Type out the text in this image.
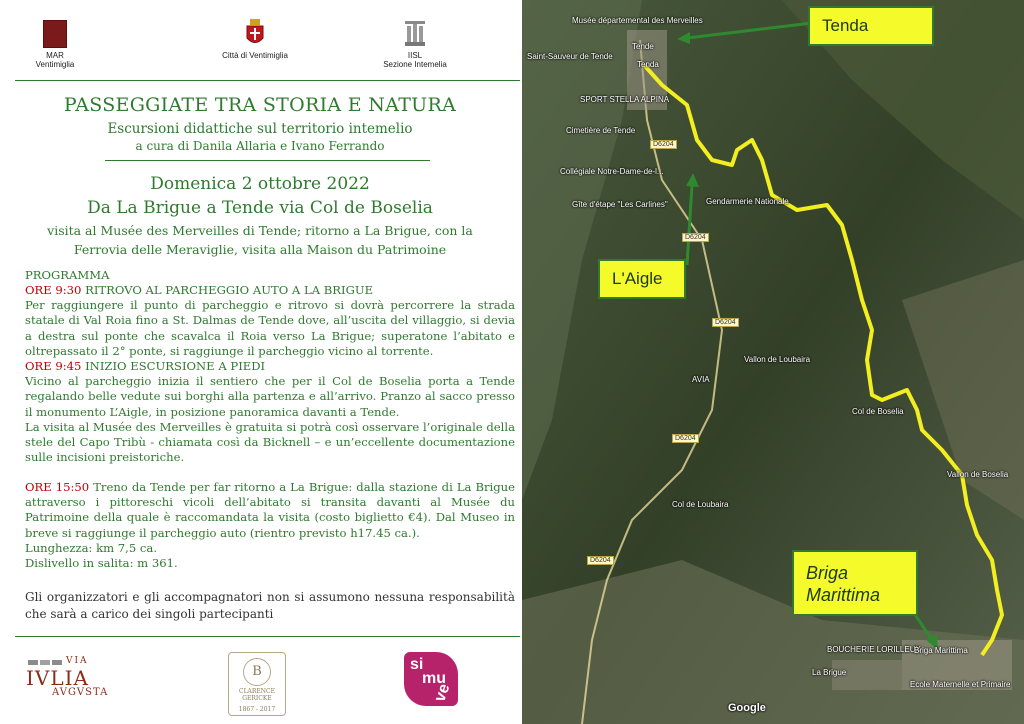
MAR
Ventimiglia
Città di Ventimiglia	IISL
Sezione Intemelia
PASSEGGIATE TRA STORIA E NATURA
Escursioni didattiche sul territorio intemelio
a cura di Danila Allaria e Ivano Ferrando
Domenica 2 ottobre 2022
Da La Brigue a Tende via Col de Boselia
visita al Musée des Merveilles di Tende; ritorno a La Brigue, con la Ferrovia delle Meraviglie, visita alla Maison du Patrimoine
PROGRAMMA
ORE 9:30 RITROVO AL PARCHEGGIO AUTO A LA BRIGUE
Per raggiungere il punto di parcheggio e ritrovo si dovrà percorrere la strada statale di Val Roia fino a St. Dalmas de Tende dove, all’uscita del villaggio, si devia a destra sul ponte che scavalca il Roia verso La Brigue; superatone l’abitato e oltrepassato il 2° ponte, si raggiunge il parcheggio vicino al torrente.
ORE 9:45 INIZIO ESCURSIONE A PIEDI
Vicino al parcheggio inizia il sentiero che per il Col de Boselia porta a Tende regalando belle vedute sui borghi alla partenza e all’arrivo. Pranzo al sacco presso il monumento L’Aigle, in posizione panoramica davanti a Tende.
La visita al Musée des Merveilles è gratuita si potrà così osservare l’originale della stele del Capo Tribù - chiamata così da Bicknell – e un’eccellente documentazione sulle incisioni preistoriche.
ORE 15:50 Treno da Tende per far ritorno a La Brigue: dalla stazione di La Brigue attraverso i pittoreschi vicoli dell’abitato si transita davanti al Musée du Patrimoine della quale è raccomandata la visita (costo biglietto €4). Dal Museo in breve si raggiunge il parcheggio auto (rientro previsto h17.45 ca.).
Lunghezza: km 7,5 ca.
Dislivello in salita: m 361.
Gli organizzatori e gli accompagnatori non si assumono nessuna responsabilità che sarà a carico dei singoli partecipanti
VIA
IVLIA
AVGVSTA
B
CLARENCE
GERICKE
1867 - 2017
si
mu
ve
Musée départemental des Merveilles
Saint-Sauveur de Tende
Tende
Tenda
SPORT STELLA ALPINA
Cimetière de Tende
Collégiale Notre-Dame-de-l...
Gendarmerie Nationale
Gîte d'étape "Les Carlines"
Vallon de Loubaira
AVIA
Col de Boselia
Vallon de Boselia
Col de Loubaira
BOUCHERIE LORILLEUX
Briga Marittima
La Brigue
Ecole Maternelle et Primaire
Google
D6204
D6204
D6204
D6204
D6204
Tenda
L'Aigle
Briga Marittima
